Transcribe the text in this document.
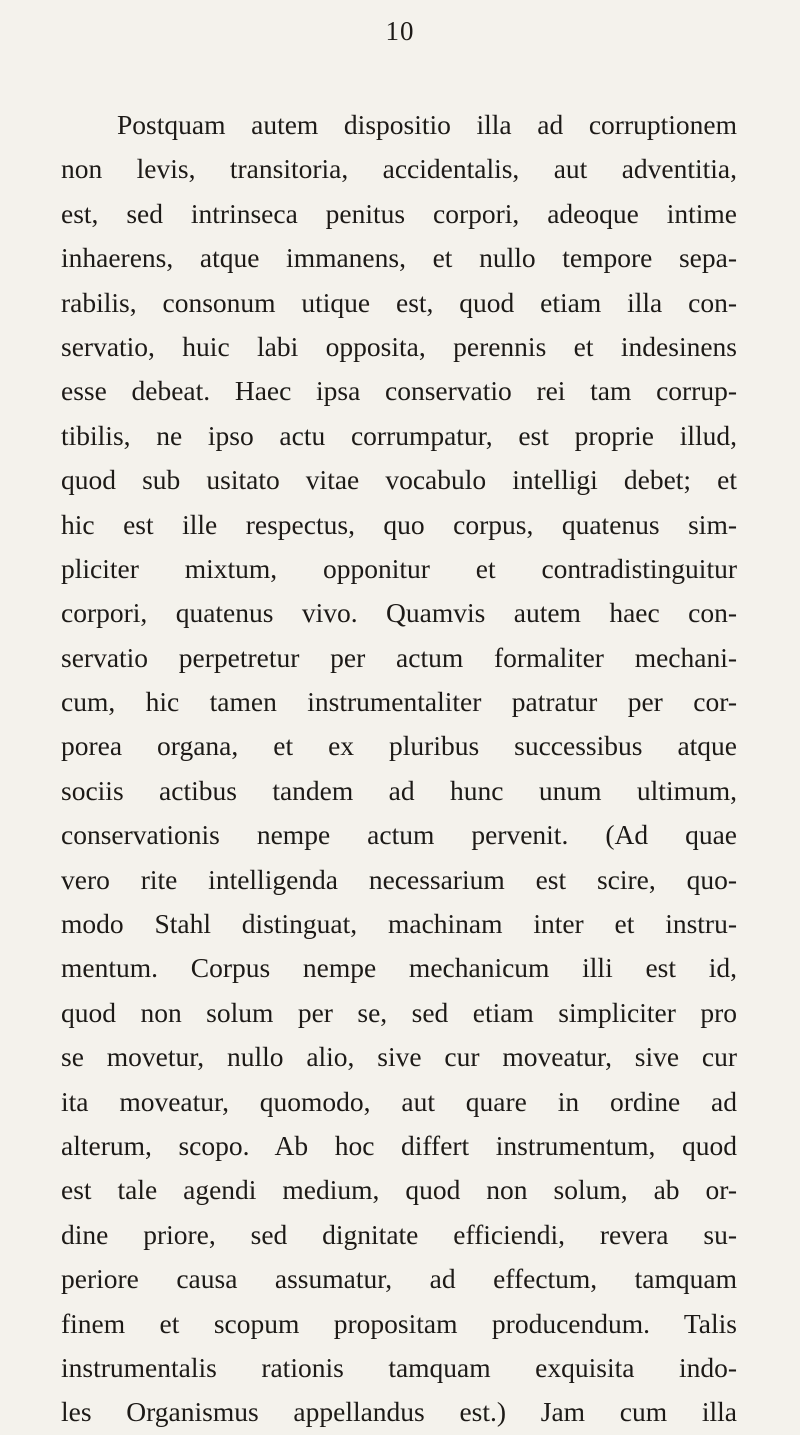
10
Postquam autem dispositio illa ad corruptionem
non levis, transitoria, accidentalis, aut adventitia,
est, sed intrinseca penitus corpori, adeoque intime
inhaerens, atque immanens, et nullo tempore sepa-
rabilis, consonum utique est, quod etiam illa con-
servatio, huic labi opposita, perennis et indesinens
esse debeat. Haec ipsa conservatio rei tam corrup-
tibilis, ne ipso actu corrumpatur, est proprie illud,
quod sub usitato vitae vocabulo intelligi debet; et
hic est ille respectus, quo corpus, quatenus sim-
pliciter mixtum, opponitur et contradistinguitur
corpori, quatenus vivo. Quamvis autem haec con-
servatio perpetretur per actum formaliter mechani-
cum, hic tamen instrumentaliter patratur per cor-
porea organa, et ex pluribus successibus atque
sociis actibus tandem ad hunc unum ultimum,
conservationis nempe actum pervenit. (Ad quae
vero rite intelligenda necessarium est scire, quo-
modo Stahl distinguat, machinam inter et instru-
mentum. Corpus nempe mechanicum illi est id,
quod non solum per se, sed etiam simpliciter pro
se movetur, nullo alio, sive cur moveatur, sive cur
ita moveatur, quomodo, aut quare in ordine ad
alterum, scopo. Ab hoc differt instrumentum, quod
est tale agendi medium, quod non solum, ab or-
dine priore, sed dignitate efficiendi, revera su-
periore causa assumatur, ad effectum, tamquam
finem et scopum propositam producendum. Talis
instrumentalis rationis tamquam exquisita indo-
les Organismus appellandus est.) Jam cum illa
